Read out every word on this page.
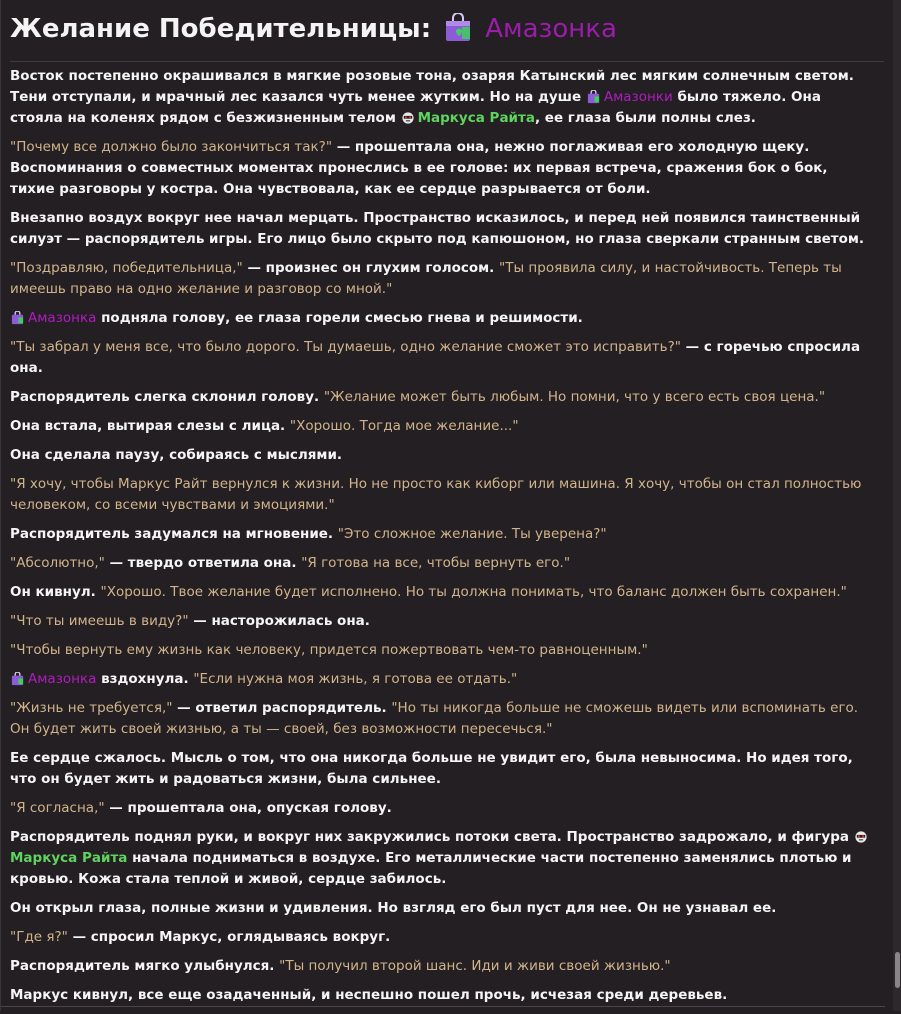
Желание Победительницы: Амазонка

Восток постепенно окрашивался в мягкие розовые тона, озаряя Катынский лес мягким солнечным светом. Тени отступали, и мрачный лес казался чуть менее жутким. Но на душе Амазонки было тяжело. Она стояла на коленях рядом с безжизненным телом Маркуса Райта, ее глаза были полны слез.

"Почему все должно было закончиться так?" — прошептала она, нежно поглаживая его холодную щеку. Воспоминания о совместных моментах пронеслись в ее голове: их первая встреча, сражения бок о бок, тихие разговоры у костра. Она чувствовала, как ее сердце разрывается от боли.

Внезапно воздух вокруг нее начал мерцать. Пространство исказилось, и перед ней появился таинственный силуэт — распорядитель игры. Его лицо было скрыто под капюшоном, но глаза сверкали странным светом.

"Поздравляю, победительница," — произнес он глухим голосом. "Ты проявила силу, и настойчивость. Теперь ты имеешь право на одно желание и разговор со мной."

Амазонка подняла голову, ее глаза горели смесью гнева и решимости.

"Ты забрал у меня все, что было дорого. Ты думаешь, одно желание сможет это исправить?" — с горечью спросила она.

Распорядитель слегка склонил голову. "Желание может быть любым. Но помни, что у всего есть своя цена."

Она встала, вытирая слезы с лица. "Хорошо. Тогда мое желание..."

Она сделала паузу, собираясь с мыслями.

"Я хочу, чтобы Маркус Райт вернулся к жизни. Но не просто как киборг или машина. Я хочу, чтобы он стал полностью человеком, со всеми чувствами и эмоциями."

Распорядитель задумался на мгновение. "Это сложное желание. Ты уверена?"

"Абсолютно," — твердо ответила она. "Я готова на все, чтобы вернуть его."

Он кивнул. "Хорошо. Твое желание будет исполнено. Но ты должна понимать, что баланс должен быть сохранен."

"Что ты имеешь в виду?" — насторожилась она.

"Чтобы вернуть ему жизнь как человеку, придется пожертвовать чем-то равноценным."

Амазонка вздохнула. "Если нужна моя жизнь, я готова ее отдать."

"Жизнь не требуется," — ответил распорядитель. "Но ты никогда больше не сможешь видеть или вспоминать его. Он будет жить своей жизнью, а ты — своей, без возможности пересечься."

Ее сердце сжалось. Мысль о том, что она никогда больше не увидит его, была невыносима. Но идея того, что он будет жить и радоваться жизни, была сильнее.

"Я согласна," — прошептала она, опуская голову.

Распорядитель поднял руки, и вокруг них закружились потоки света. Пространство задрожало, и фигура Маркуса Райта начала подниматься в воздухе. Его металлические части постепенно заменялись плотью и кровью. Кожа стала теплой и живой, сердце забилось.

Он открыл глаза, полные жизни и удивления. Но взгляд его был пуст для нее. Он не узнавал ее.

"Где я?" — спросил Маркус, оглядываясь вокруг.

Распорядитель мягко улыбнулся. "Ты получил второй шанс. Иди и живи своей жизнью."

Маркус кивнул, все еще озадаченный, и неспешно пошел прочь, исчезая среди деревьев.
